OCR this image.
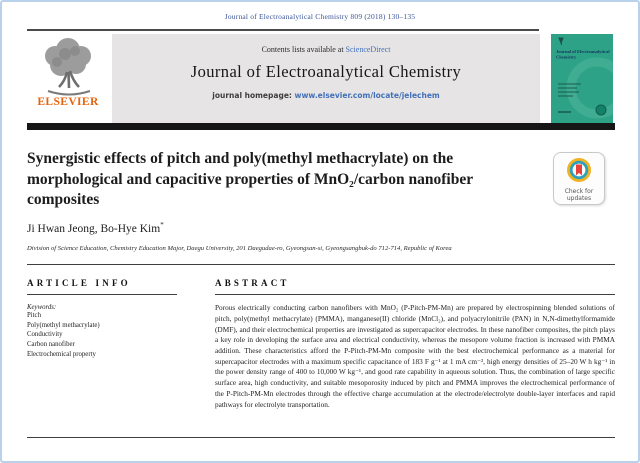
Journal of Electroanalytical Chemistry 809 (2018) 130–135
ELSEVIER
Contents lists available at ScienceDirect
Journal of Electroanalytical Chemistry
journal homepage: www.elsevier.com/locate/jelechem
Journal of Electroanalytical Chemistry
Synergistic effects of pitch and poly(methyl methacrylate) on the morphological and capacitive properties of MnO₂/carbon nanofiber composites	Check for updates
Ji Hwan Jeong, Bo-Hye Kim*
Division of Science Education, Chemistry Education Major, Daegu University, 201 Daegudae-ro, Gyeongsan-si, Gyeongsangbuk-do 712-714, Republic of Korea
ARTICLE INFO
Keywords:
Pitch
Poly(methyl methacrylate)
Conductivity
Carbon nanofiber
Electrochemical property
ABSTRACT
Porous electrically conducting carbon nanofibers with MnO₂ (P-Pitch-PM-Mn) are prepared by electrospinning blended solutions of pitch, poly(methyl methacrylate) (PMMA), manganese(II) chloride (MnCl₂), and polyacrylonitrile (PAN) in N,N-dimethylformamide (DMF), and their electrochemical properties are investigated as supercapacitor electrodes. In these nanofiber composites, the pitch plays a key role in developing the surface area and electrical conductivity, whereas the mesopore volume fraction is increased with PMMA addition. These characteristics afford the P-Pitch-PM-Mn composite with the best electrochemical performance as a material for supercapacitor electrodes with a maximum specific capacitance of 183 F g⁻¹ at 1 mA cm⁻², high energy densities of 25–20 W h kg⁻¹ in the power density range of 400 to 10,000 W kg⁻¹, and good rate capability in aqueous solution. Thus, the combination of large specific surface area, high conductivity, and suitable mesoporosity induced by pitch and PMMA improves the electrochemical performance of the P-Pitch-PM-Mn electrodes through the effective charge accumulation at the electrode/electrolyte double-layer interfaces and rapid pathways for electrolyte transportation.
